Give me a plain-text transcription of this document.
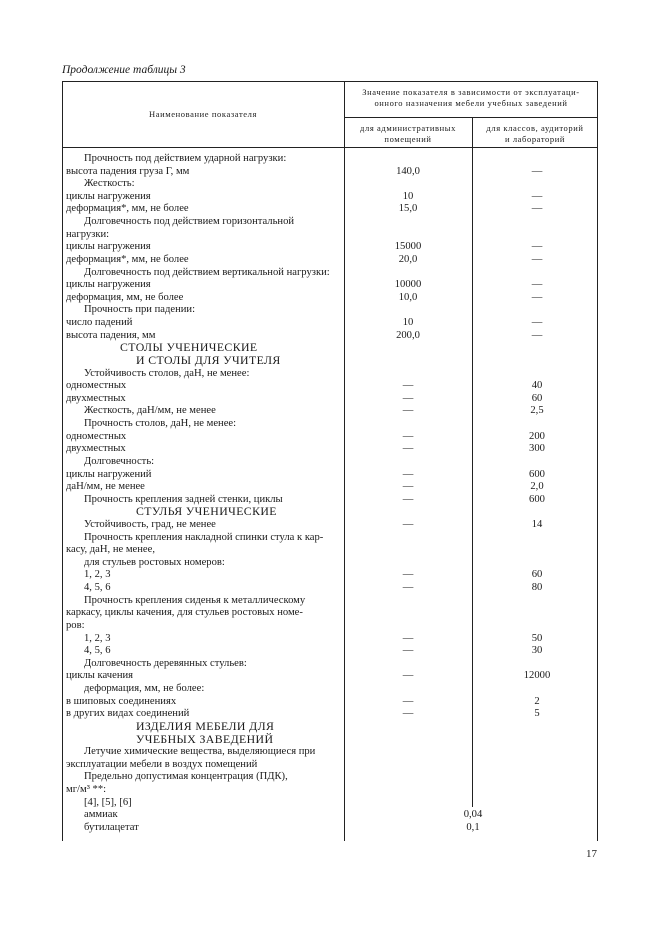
Продолжение таблицы 3
Наименование показателя
Значение показателя в зависимости от эксплуатаци-
онного назначения мебели учебных заведений
для административных
помещений
для классов, аудиторий
и лабораторий
Прочность под действием ударной нагрузки:
высота падения груза Г, мм	140,0	—
Жесткость:
циклы нагружения	10	—
деформация*, мм, не более	15,0	—
Долговечность под действием горизонтальной
нагрузки:
циклы нагружения	15000	—
деформация*, мм, не более	20,0	—
Долговечность под действием вертикальной нагрузки:
циклы нагружения	10000	—
деформация, мм, не более	10,0	—
Прочность при падении:
число падений	10	—
высота падения, мм	200,0	—
СТОЛЫ УЧЕНИЧЕСКИЕ
И СТОЛЫ ДЛЯ УЧИТЕЛЯ
Устойчивость столов, даН, не менее:
одноместных	—	40
двухместных	—	60
Жесткость, даН/мм, не менее	—	2,5
Прочность столов, даН, не менее:
одноместных	—	200
двухместных	—	300
Долговечность:
циклы нагружений	—	600
даН/мм, не менее	—	2,0
Прочность крепления задней стенки, циклы	—	600
СТУЛЬЯ УЧЕНИЧЕСКИЕ
Устойчивость, град, не менее	—	14
Прочность крепления накладной спинки стула к кар-
касу, даН, не менее,
для стульев ростовых номеров:
1, 2, 3	—	60
4, 5, 6	—	80
Прочность крепления сиденья к металлическому
каркасу, циклы качения, для стульев ростовых номе-
ров:
1, 2, 3	—	50
4, 5, 6	—	30
Долговечность деревянных стульев:
циклы качения	—	12000
деформация, мм, не более:
в шиповых соединениях	—	2
в других видах соединений	—	5
ИЗДЕЛИЯ МЕБЕЛИ ДЛЯ
УЧЕБНЫХ ЗАВЕДЕНИЙ
Летучие химические вещества, выделяющиеся при
эксплуатации мебели в воздух помещений
Предельно допустимая концентрация (ПДК),
мг/м³ **:
[4], [5], [6]
аммиак	0,04
бутилацетат	0,1
17
